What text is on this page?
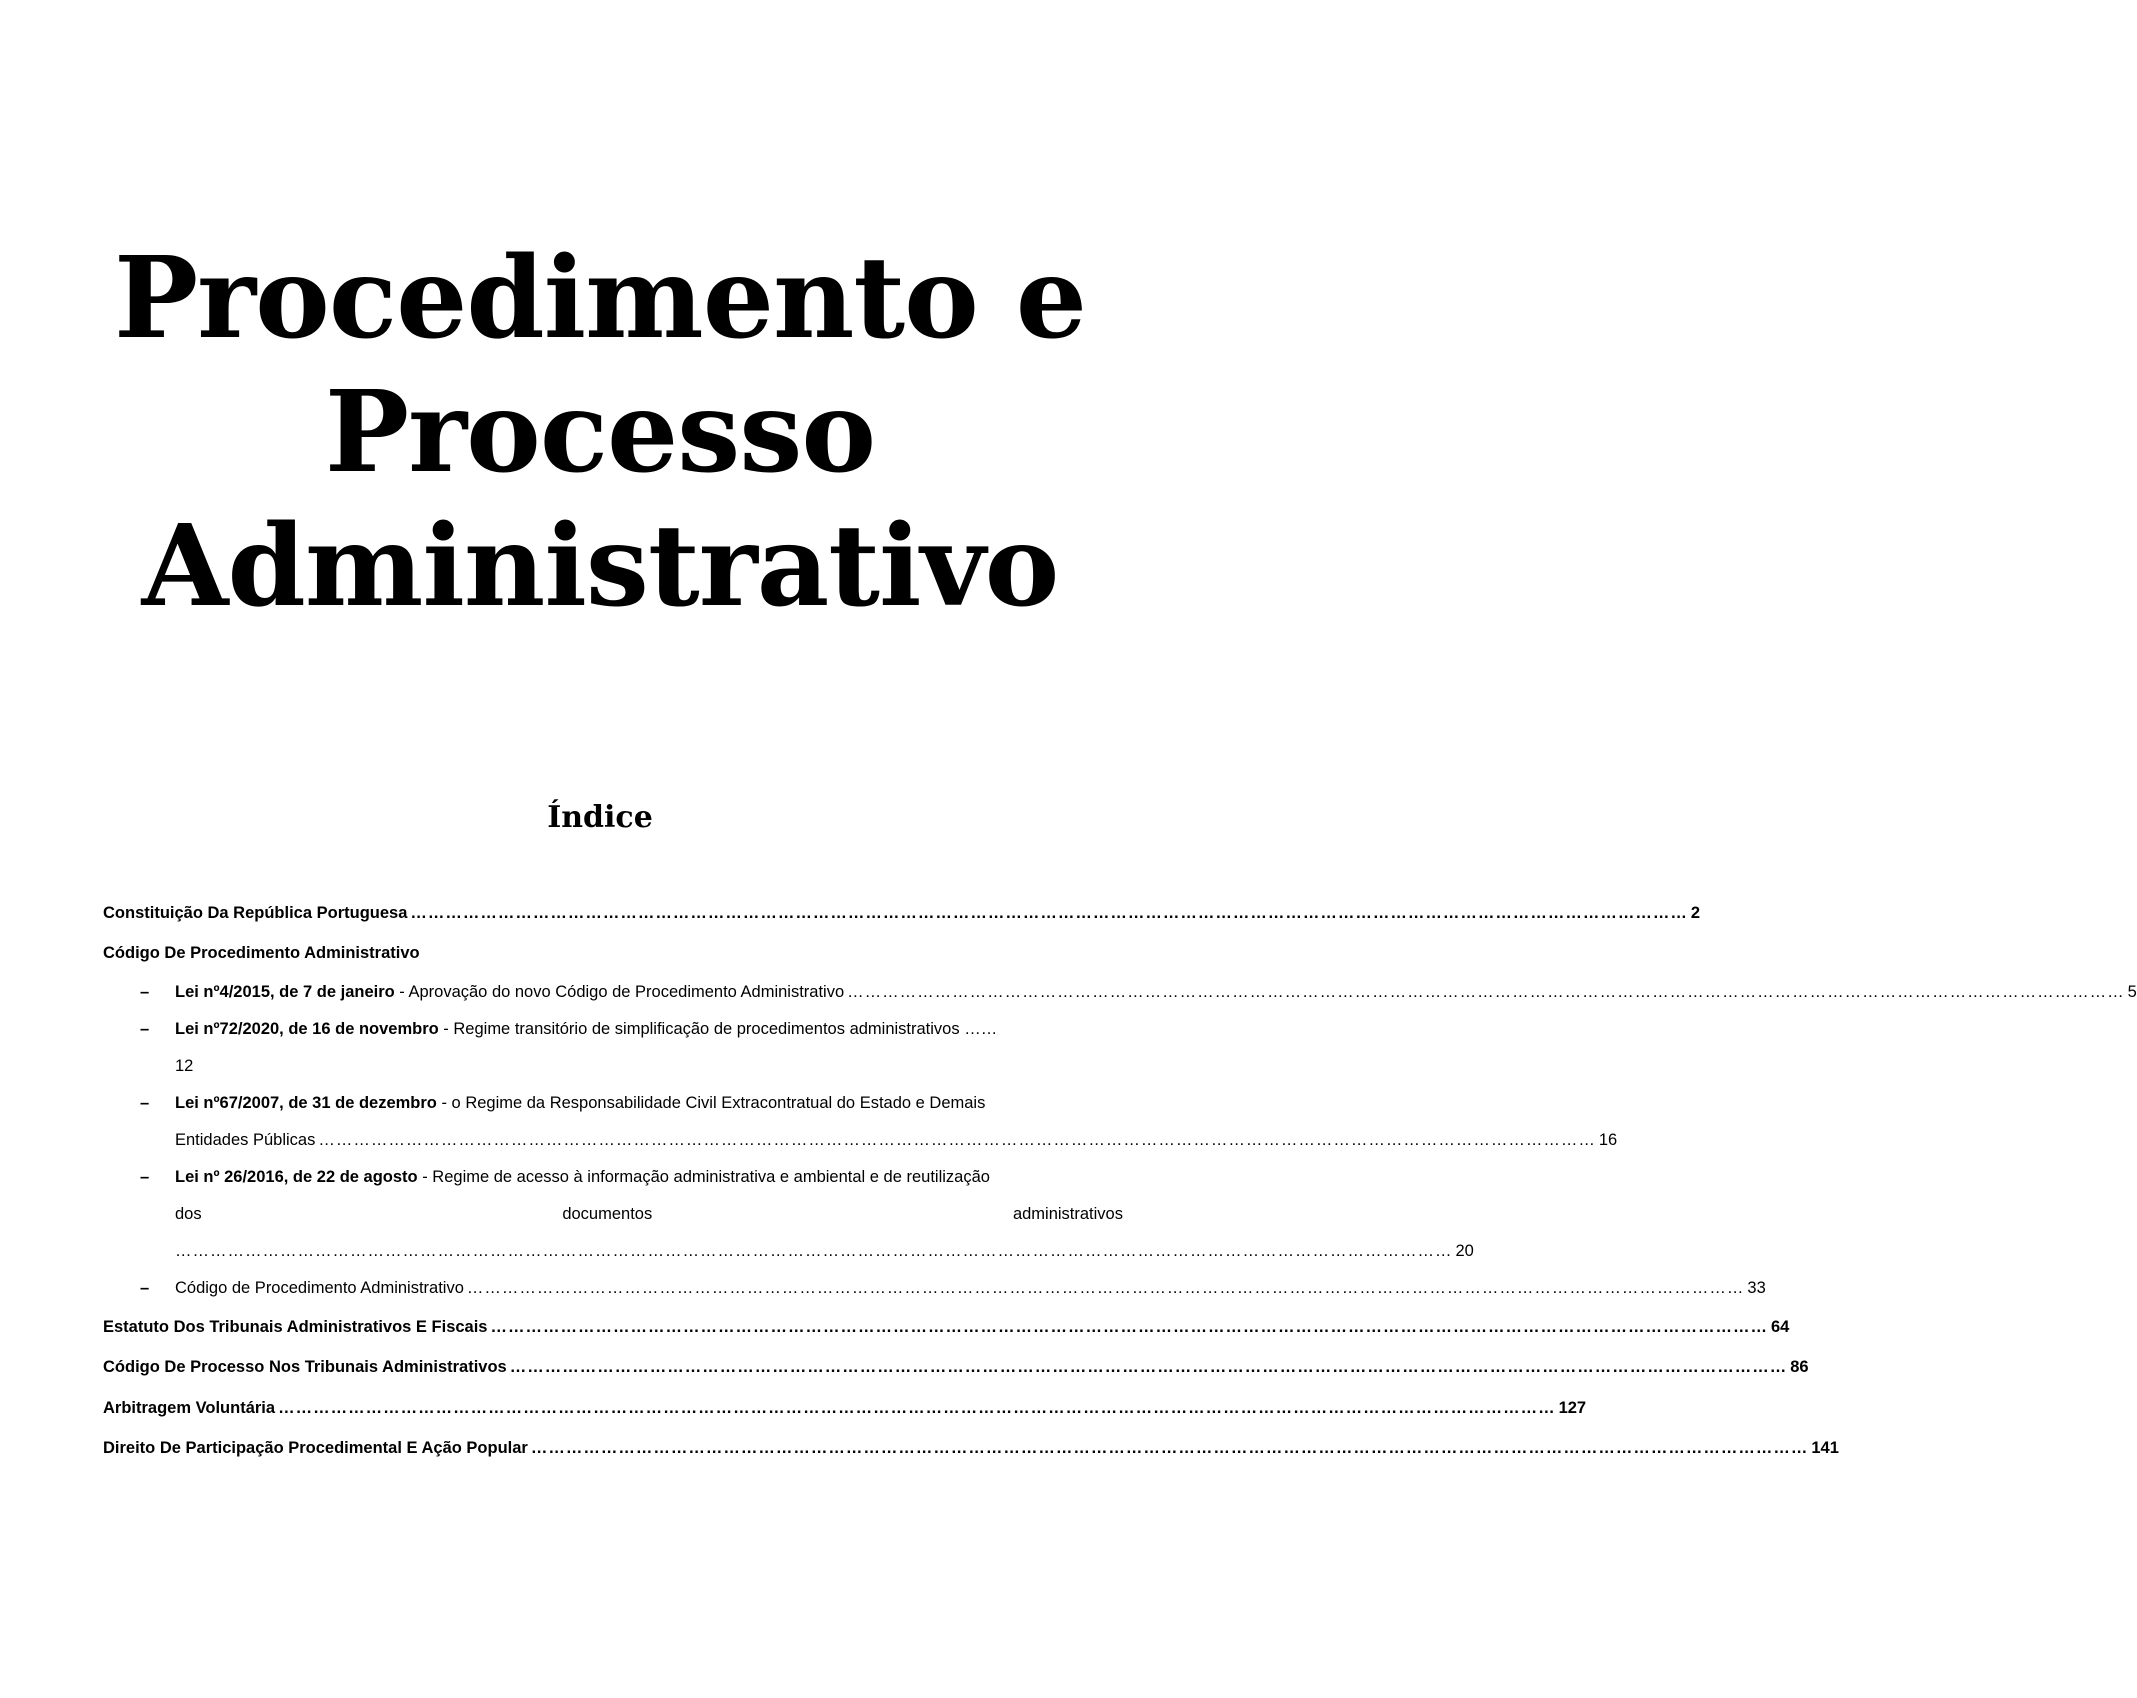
Procedimento e
Processo
Administrativo
Índice
Constituição Da República Portuguesa ………………………………………………………………………………………………………………………………………………………………………………………………… 2
Código De Procedimento Administrativo
– Lei nº4/2015, de 7 de janeiro - Aprovação do novo Código de Procedimento Administrativo ………………………………………………………………………………………………………………………………………………………………………………………………… 5
– Lei nº72/2020, de 16 de novembro - Regime transitório de simplificação de procedimentos administrativos ……
12
– Lei nº67/2007, de 31 de dezembro - o Regime da Responsabilidade Civil Extracontratual do Estado e Demais
Entidades Públicas ………………………………………………………………………………………………………………………………………………………………………………………………… 16
– Lei nº 26/2016, de 22 de agosto - Regime de acesso à informação administrativa e ambiental e de reutilização
dos	documentos	administrativos
………………………………………………………………………………………………………………………………………………………………………………………………… 20
– Código de Procedimento Administrativo ………………………………………………………………………………………………………………………………………………………………………………………………… 33
Estatuto Dos Tribunais Administrativos E Fiscais ………………………………………………………………………………………………………………………………………………………………………………………………… 64
Código De Processo Nos Tribunais Administrativos ………………………………………………………………………………………………………………………………………………………………………………………………… 86
Arbitragem Voluntária ………………………………………………………………………………………………………………………………………………………………………………………………… 127
Direito De Participação Procedimental E Ação Popular ………………………………………………………………………………………………………………………………………………………………………………………………… 141
